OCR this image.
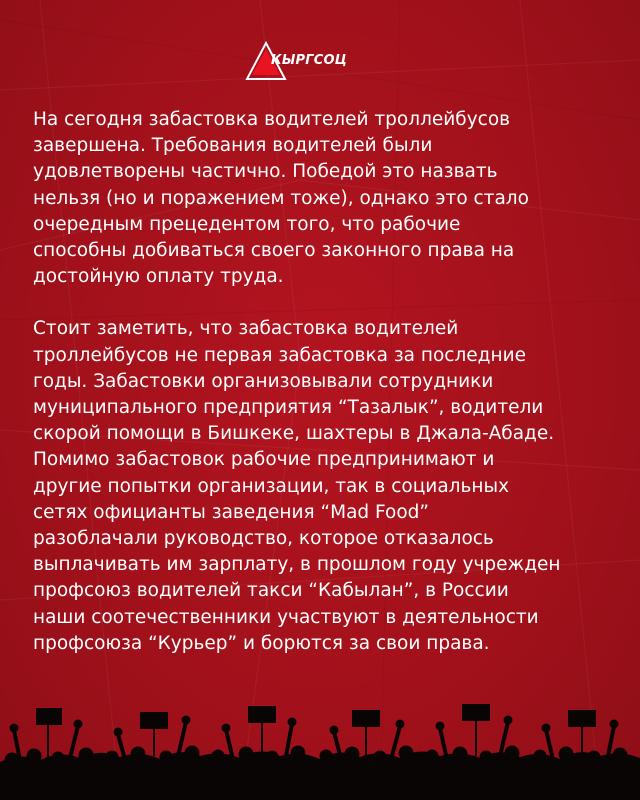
КЫРГСОЦ

На сегодня забастовка водителей троллейбусов
завершена. Требования водителей были
удовлетворены частично. Победой это назвать
нельзя (но и поражением тоже), однако это стало
очередным прецедентом того, что рабочие
способны добиваться своего законного права на
достойную оплату труда.

Стоит заметить, что забастовка водителей
троллейбусов не первая забастовка за последние
годы. Забастовки организовывали сотрудники
муниципального предприятия “Тазалык”, водители
скорой помощи в Бишкеке, шахтеры в Джала-Абаде.
Помимо забастовок рабочие предпринимают и
другие попытки организации, так в социальных
сетях официанты заведения “Mad Food”
разоблачали руководство, которое отказалось
выплачивать им зарплату, в прошлом году учрежден
профсоюз водителей такси “Кабылан”, в России
наши соотечественники участвуют в деятельности
профсоюза “Курьер” и борются за свои права.
